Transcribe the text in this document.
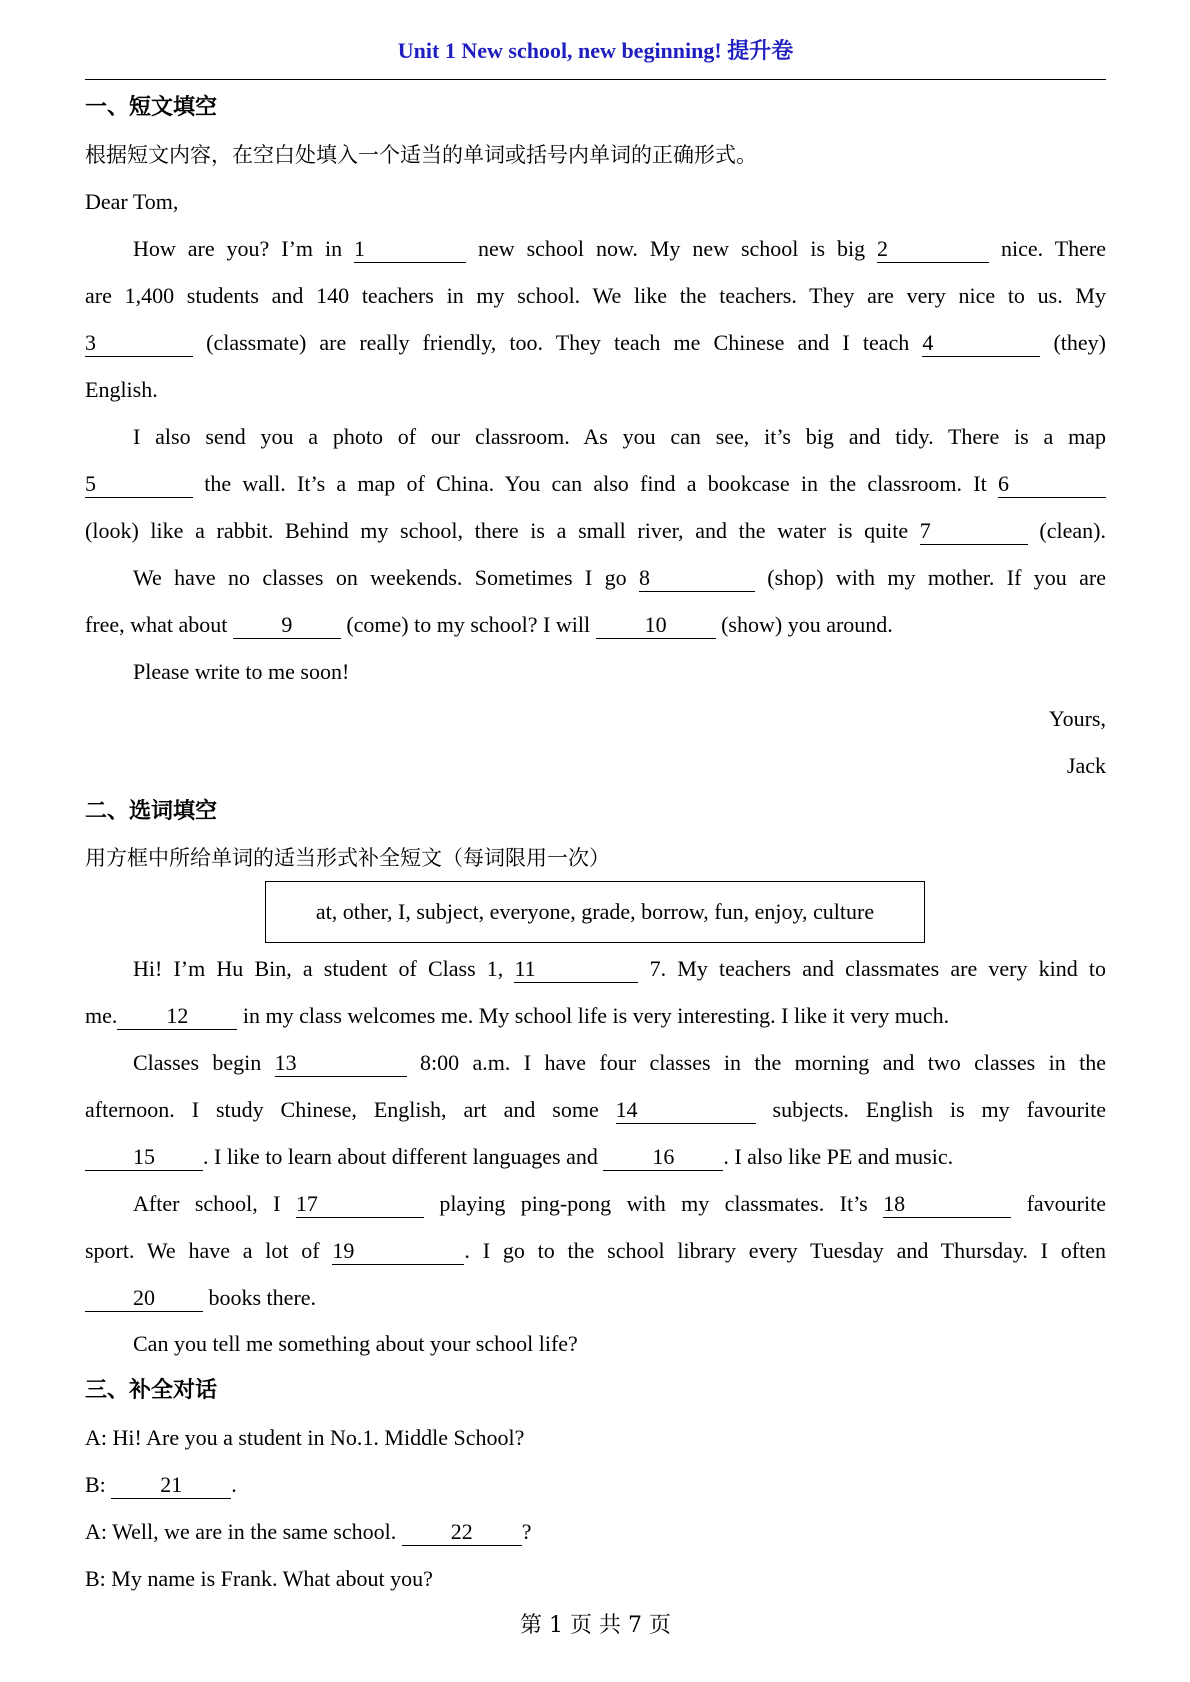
Unit 1 New school, new beginning! 提升卷
一、短文填空
根据短文内容，在空白处填入一个适当的单词或括号内单词的正确形式。
Dear Tom,
How are you? I’m in 1	new school now. My new school is big 2	nice. There
are 1,400 students and 140 teachers in my school. We like the teachers. They are very nice to us. My
3	(classmate) are really friendly, too. They teach me Chinese and I teach 4	(they)
English.
I also send you a photo of our classroom. As you can see, it’s big and tidy. There is a map
5	the wall. It’s a map of China. You can also find a bookcase in the classroom. It 6
(look) like a rabbit. Behind my school, there is a small river, and the water is quite 7	(clean).
We have no classes on weekends. Sometimes I go 8	(shop) with my mother. If you are
free, what about 9 (come) to my school? I will 10 (show) you around.
Please write to me soon!
Yours,
Jack
二、选词填空
用方框中所给单词的适当形式补全短文（每词限用一次）
at, other, I, subject, everyone, grade, borrow, fun, enjoy, culture
Hi! I’m Hu Bin, a student of Class 1, 11	7. My teachers and classmates are very kind to
me. 12 in my class welcomes me. My school life is very interesting. I like it very much.
Classes begin 13	8:00 a.m. I have four classes in the morning and two classes in the
afternoon. I study Chinese, English, art and some 14	subjects. English is my favourite
15 . I like to learn about different languages and 16 . I also like PE and music.
After school, I 17	playing ping-pong with my classmates. It’s 18	favourite
sport. We have a lot of 19	. I go to the school library every Tuesday and Thursday. I often
20 books there.
Can you tell me something about your school life?
三、补全对话
A: Hi! Are you a student in No.1. Middle School?
B: 21 .
A: Well, we are in the same school. 22 ?
B: My name is Frank. What about you?
第 1 页 共 7 页
